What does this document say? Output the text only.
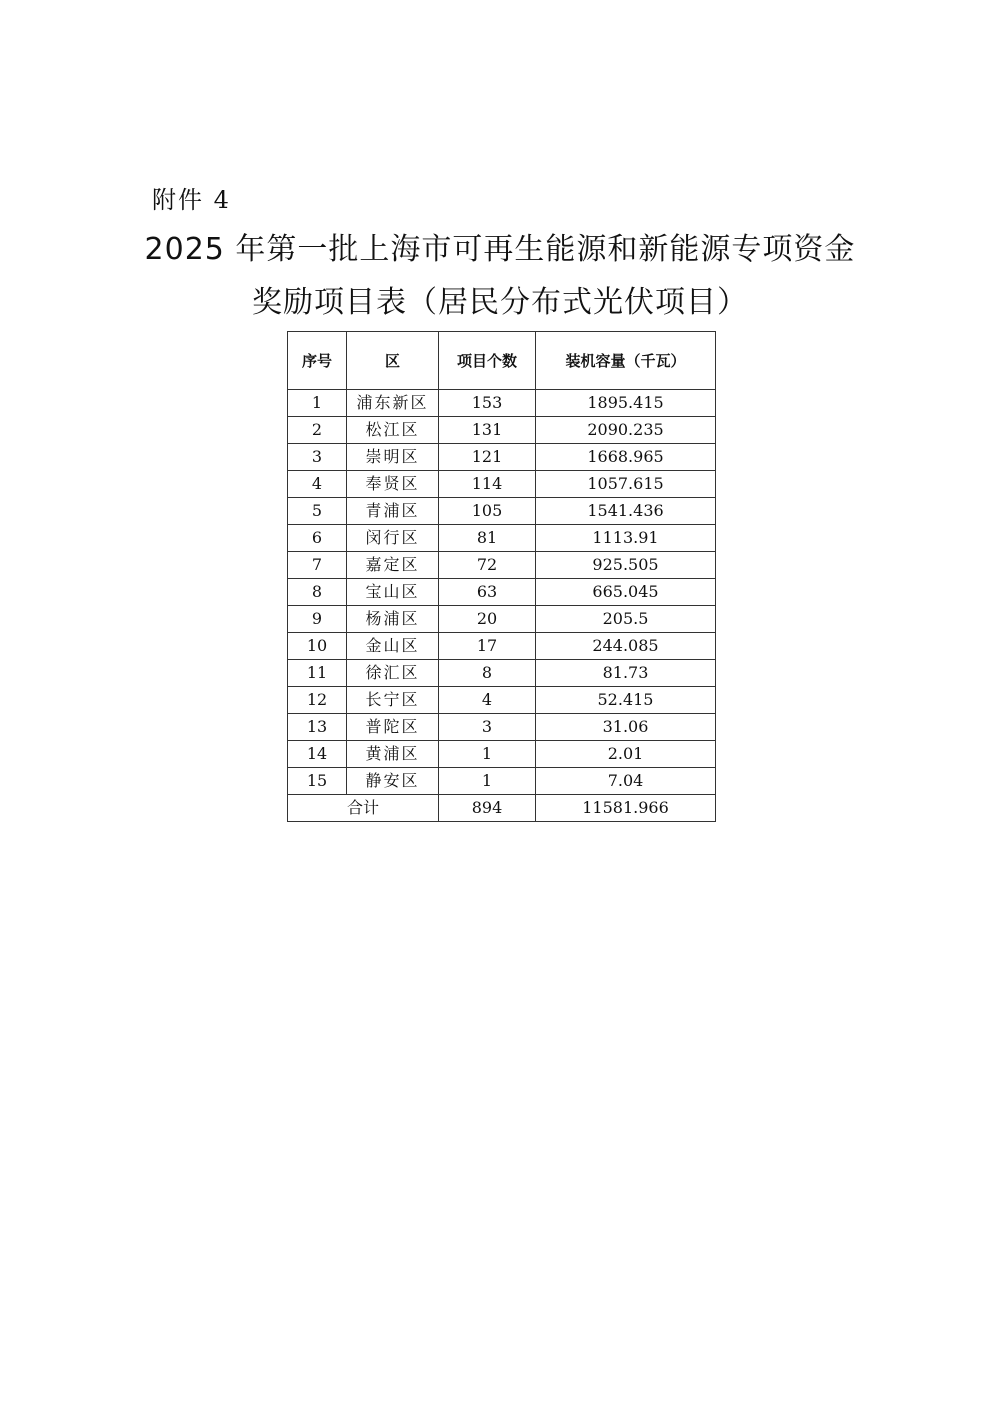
附件 4
2025 年第一批上海市可再生能源和新能源专项资金
奖励项目表（居民分布式光伏项目）
序号	区	项目个数	装机容量（千瓦）
1	浦东新区	153	1895.415
2	松江区	131	2090.235
3	崇明区	121	1668.965
4	奉贤区	114	1057.615
5	青浦区	105	1541.436
6	闵行区	81	1113.91
7	嘉定区	72	925.505
8	宝山区	63	665.045
9	杨浦区	20	205.5
10	金山区	17	244.085
11	徐汇区	8	81.73
12	长宁区	4	52.415
13	普陀区	3	31.06
14	黄浦区	1	2.01
15	静安区	1	7.04
合计		894	11581.966
